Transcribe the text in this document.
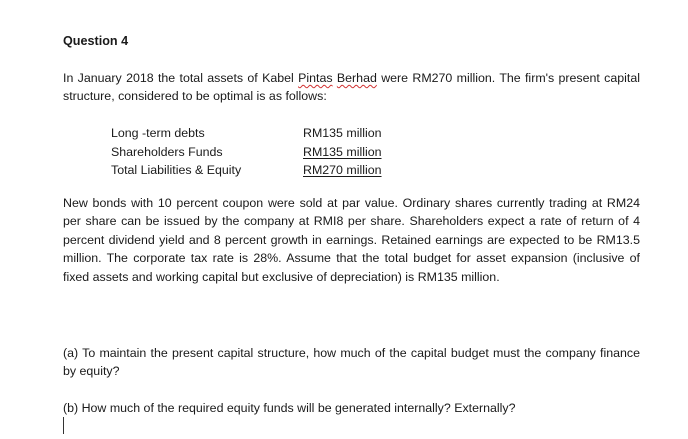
Question 4

In January 2018 the total assets of Kabel Pintas Berhad were RM270 million. The firm's present capital structure, considered to be optimal is as follows:

Long -term debts	RM135 million
Shareholders Funds	RM135 million
Total Liabilities & Equity	RM270 million

New bonds with 10 percent coupon were sold at par value. Ordinary shares currently trading at RM24 per share can be issued by the company at RMI8 per share. Shareholders expect a rate of return of 4 percent dividend yield and 8 percent growth in earnings. Retained earnings are expected to be RM13.5 million. The corporate tax rate is 28%. Assume that the total budget for asset expansion (inclusive of fixed assets and working capital but exclusive of depreciation) is RM135 million.

(a) To maintain the present capital structure, how much of the capital budget must the company finance by equity?

(b) How much of the required equity funds will be generated internally? Externally?
